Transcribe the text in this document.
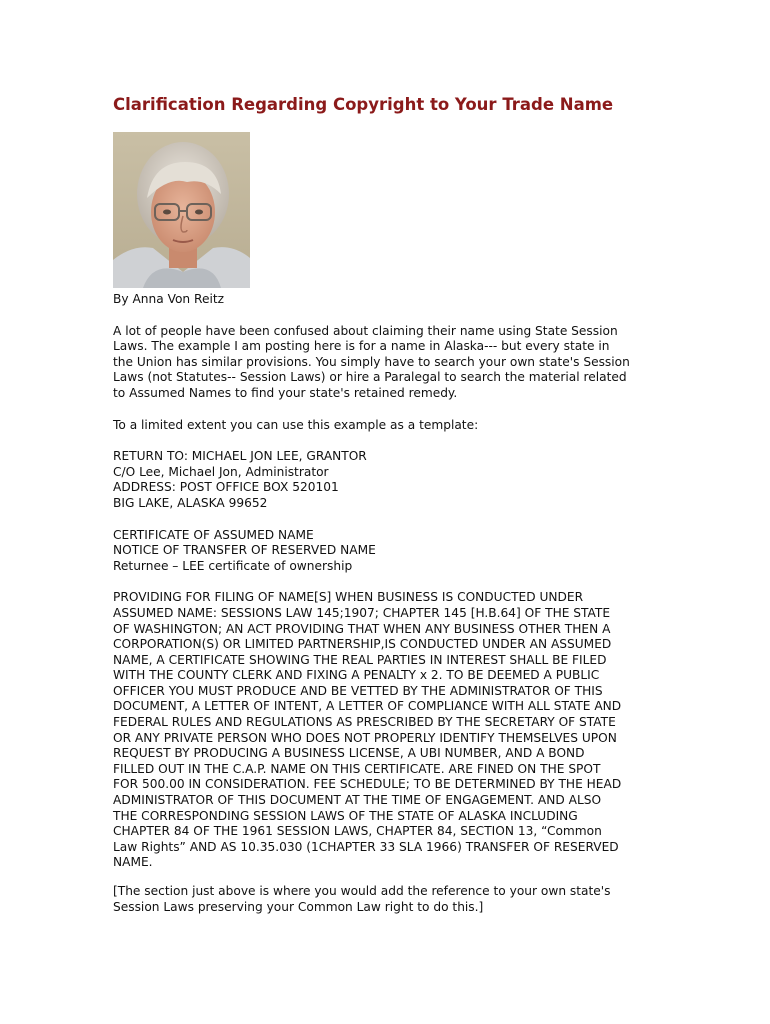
Clarification Regarding Copyright to Your Trade Name

By Anna Von Reitz

A lot of people have been confused about claiming their name using State Session
Laws. The example I am posting here is for a name in Alaska--- but every state in
the Union has similar provisions. You simply have to search your own state's Session
Laws (not Statutes-- Session Laws) or hire a Paralegal to search the material related
to Assumed Names to find your state's retained remedy.

To a limited extent you can use this example as a template:

RETURN TO: MICHAEL JON LEE, GRANTOR
C/O Lee, Michael Jon, Administrator
ADDRESS: POST OFFICE BOX 520101
BIG LAKE, ALASKA 99652

CERTIFICATE OF ASSUMED NAME
NOTICE OF TRANSFER OF RESERVED NAME
Returnee – LEE certificate of ownership

PROVIDING FOR FILING OF NAME[S] WHEN BUSINESS IS CONDUCTED UNDER
ASSUMED NAME: SESSIONS LAW 145;1907; CHAPTER 145 [H.B.64] OF THE STATE
OF WASHINGTON; AN ACT PROVIDING THAT WHEN ANY BUSINESS OTHER THEN A
CORPORATION(S) OR LIMITED PARTNERSHIP,IS CONDUCTED UNDER AN ASSUMED
NAME, A CERTIFICATE SHOWING THE REAL PARTIES IN INTEREST SHALL BE FILED
WITH THE COUNTY CLERK AND FIXING A PENALTY x 2. TO BE DEEMED A PUBLIC
OFFICER YOU MUST PRODUCE AND BE VETTED BY THE ADMINISTRATOR OF THIS
DOCUMENT, A LETTER OF INTENT, A LETTER OF COMPLIANCE WITH ALL STATE AND
FEDERAL RULES AND REGULATIONS AS PRESCRIBED BY THE SECRETARY OF STATE
OR ANY PRIVATE PERSON WHO DOES NOT PROPERLY IDENTIFY THEMSELVES UPON
REQUEST BY PRODUCING A BUSINESS LICENSE, A UBI NUMBER, AND A BOND
FILLED OUT IN THE C.A.P. NAME ON THIS CERTIFICATE. ARE FINED ON THE SPOT
FOR 500.00 IN CONSIDERATION. FEE SCHEDULE; TO BE DETERMINED BY THE HEAD
ADMINISTRATOR OF THIS DOCUMENT AT THE TIME OF ENGAGEMENT. AND ALSO
THE CORRESPONDING SESSION LAWS OF THE STATE OF ALASKA INCLUDING
CHAPTER 84 OF THE 1961 SESSION LAWS, CHAPTER 84, SECTION 13, “Common
Law Rights” AND AS 10.35.030 (1CHAPTER 33 SLA 1966) TRANSFER OF RESERVED
NAME.

[The section just above is where you would add the reference to your own state's
Session Laws preserving your Common Law right to do this.]
